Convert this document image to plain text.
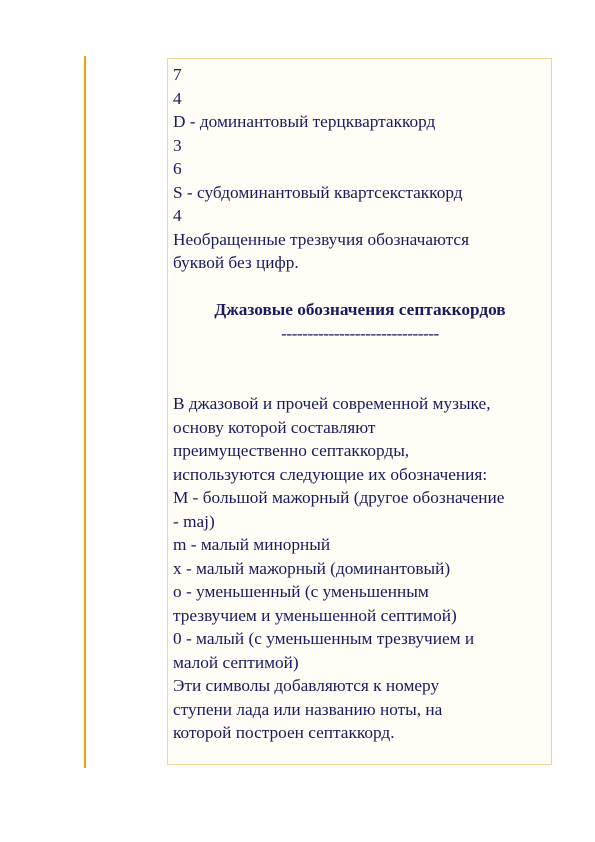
7

4

D - доминантовый терцквартаккорд

3

6

S - субдоминантовый квартсекстаккорд

4

Необращенные трезвучия обозначаются

буквой без цифр.

Джазовые обозначения септаккордов

------------------------------

В джазовой и прочей современной музыке,

основу которой составляют

преимущественно септаккорды,

используются следующие их обозначения:

М - большой мажорный (другое обозначение

- maj)

m - малый минорный

x - малый мажорный (доминантовый)

o - уменьшенный (с уменьшенным

трезвучием и уменьшенной септимой)

0 - малый (с уменьшенным трезвучием и

малой септимой)

Эти символы добавляются к номеру

ступени лада или названию ноты, на

которой построен септаккорд.
